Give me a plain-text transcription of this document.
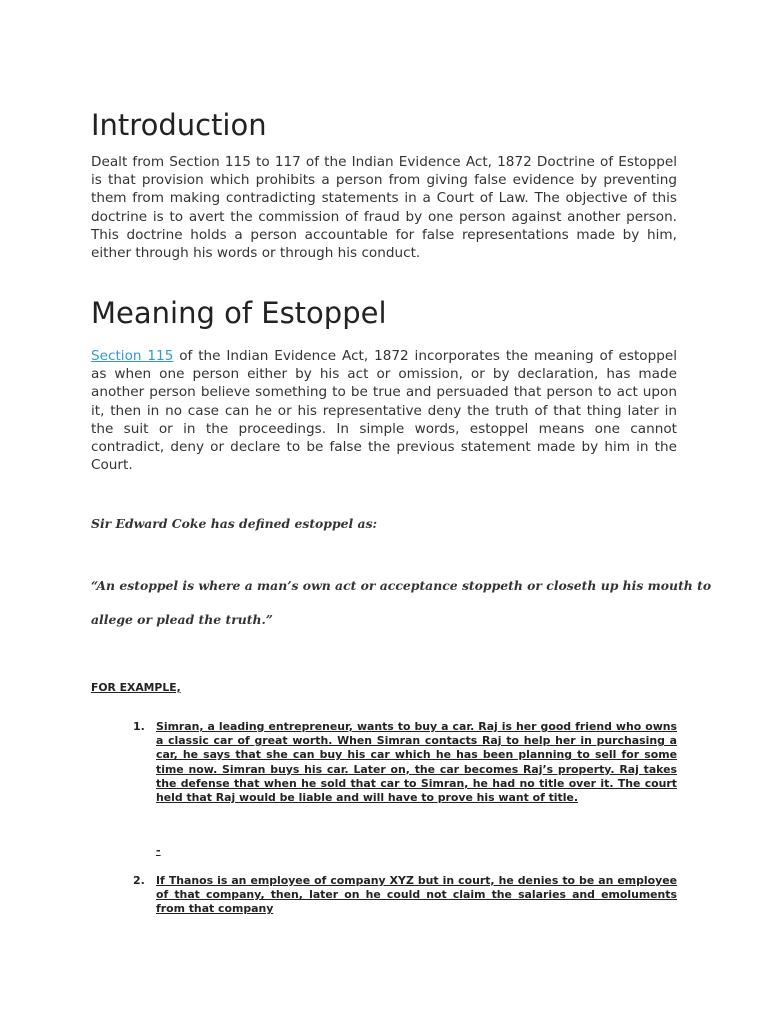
Introduction

Dealt from Section 115 to 117 of the Indian Evidence Act, 1872 Doctrine of Estoppel is that provision which prohibits a person from giving false evidence by preventing them from making contradicting statements in a Court of Law. The objective of this doctrine is to avert the commission of fraud by one person against another person. This doctrine holds a person accountable for false representations made by him, either through his words or through his conduct.

Meaning of Estoppel

Section 115 of the Indian Evidence Act, 1872 incorporates the meaning of estoppel as when one person either by his act or omission, or by declaration, has made another person believe something to be true and persuaded that person to act upon it, then in no case can he or his representative deny the truth of that thing later in the suit or in the proceedings. In simple words, estoppel means one cannot contradict, deny or declare to be false the previous statement made by him in the Court.

Sir Edward Coke has defined estoppel as:

“An estoppel is where a man’s own act or acceptance stoppeth or closeth up his mouth to

allege or plead the truth.”

FOR EXAMPLE,

1. Simran, a leading entrepreneur, wants to buy a car. Raj is her good friend who owns a classic car of great worth. When Simran contacts Raj to help her in purchasing a car, he says that she can buy his car which he has been planning to sell for some time now. Simran buys his car. Later on, the car becomes Raj’s property. Raj takes the defense that when he sold that car to Simran, he had no title over it. The court held that Raj would be liable and will have to prove his want of title.
-
2. If Thanos is an employee of company XYZ but in court, he denies to be an employee of that company, then, later on he could not claim the salaries and emoluments from that company
